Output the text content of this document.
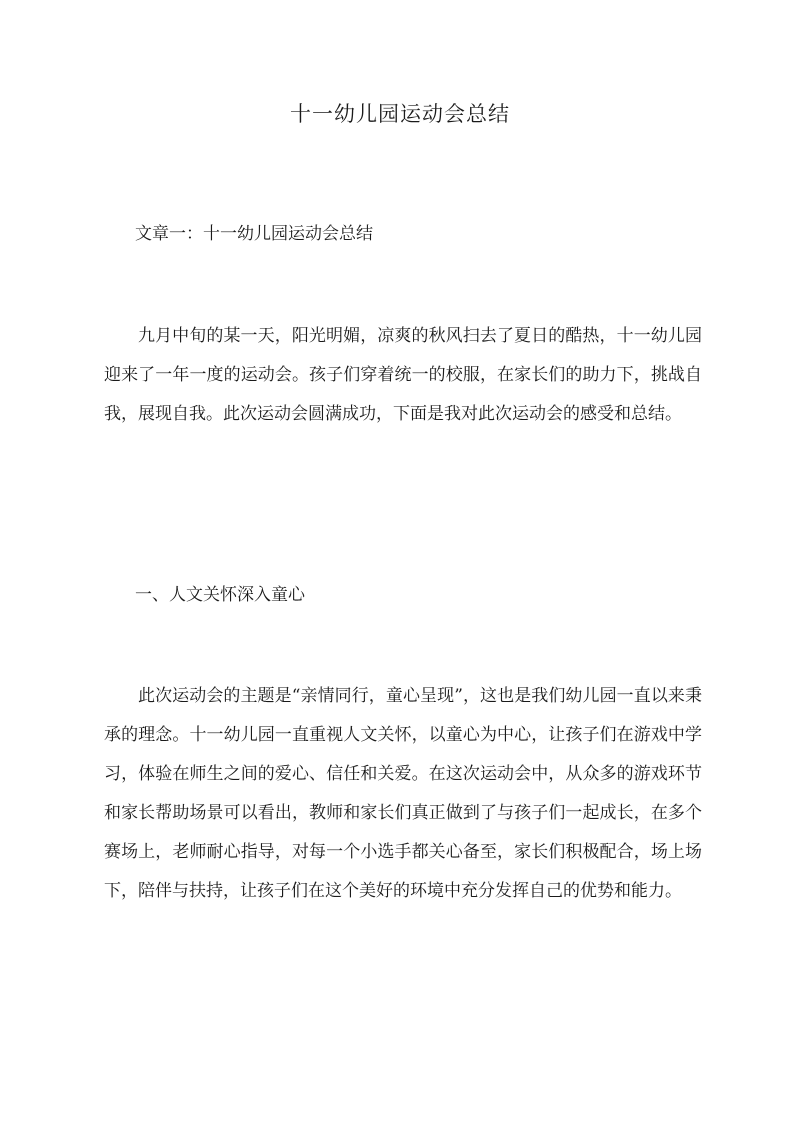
十一幼儿园运动会总结

文章一：十一幼儿园运动会总结

九月中旬的某一天，阳光明媚，凉爽的秋风扫去了夏日的酷热，十一幼儿园迎来了一年一度的运动会。孩子们穿着统一的校服，在家长们的助力下，挑战自我，展现自我。此次运动会圆满成功，下面是我对此次运动会的感受和总结。

一、人文关怀深入童心

此次运动会的主题是“亲情同行，童心呈现”，这也是我们幼儿园一直以来秉承的理念。十一幼儿园一直重视人文关怀，以童心为中心，让孩子们在游戏中学习，体验在师生之间的爱心、信任和关爱。在这次运动会中，从众多的游戏环节和家长帮助场景可以看出，教师和家长们真正做到了与孩子们一起成长，在多个赛场上，老师耐心指导，对每一个小选手都关心备至，家长们积极配合，场上场下，陪伴与扶持，让孩子们在这个美好的环境中充分发挥自己的优势和能力。
